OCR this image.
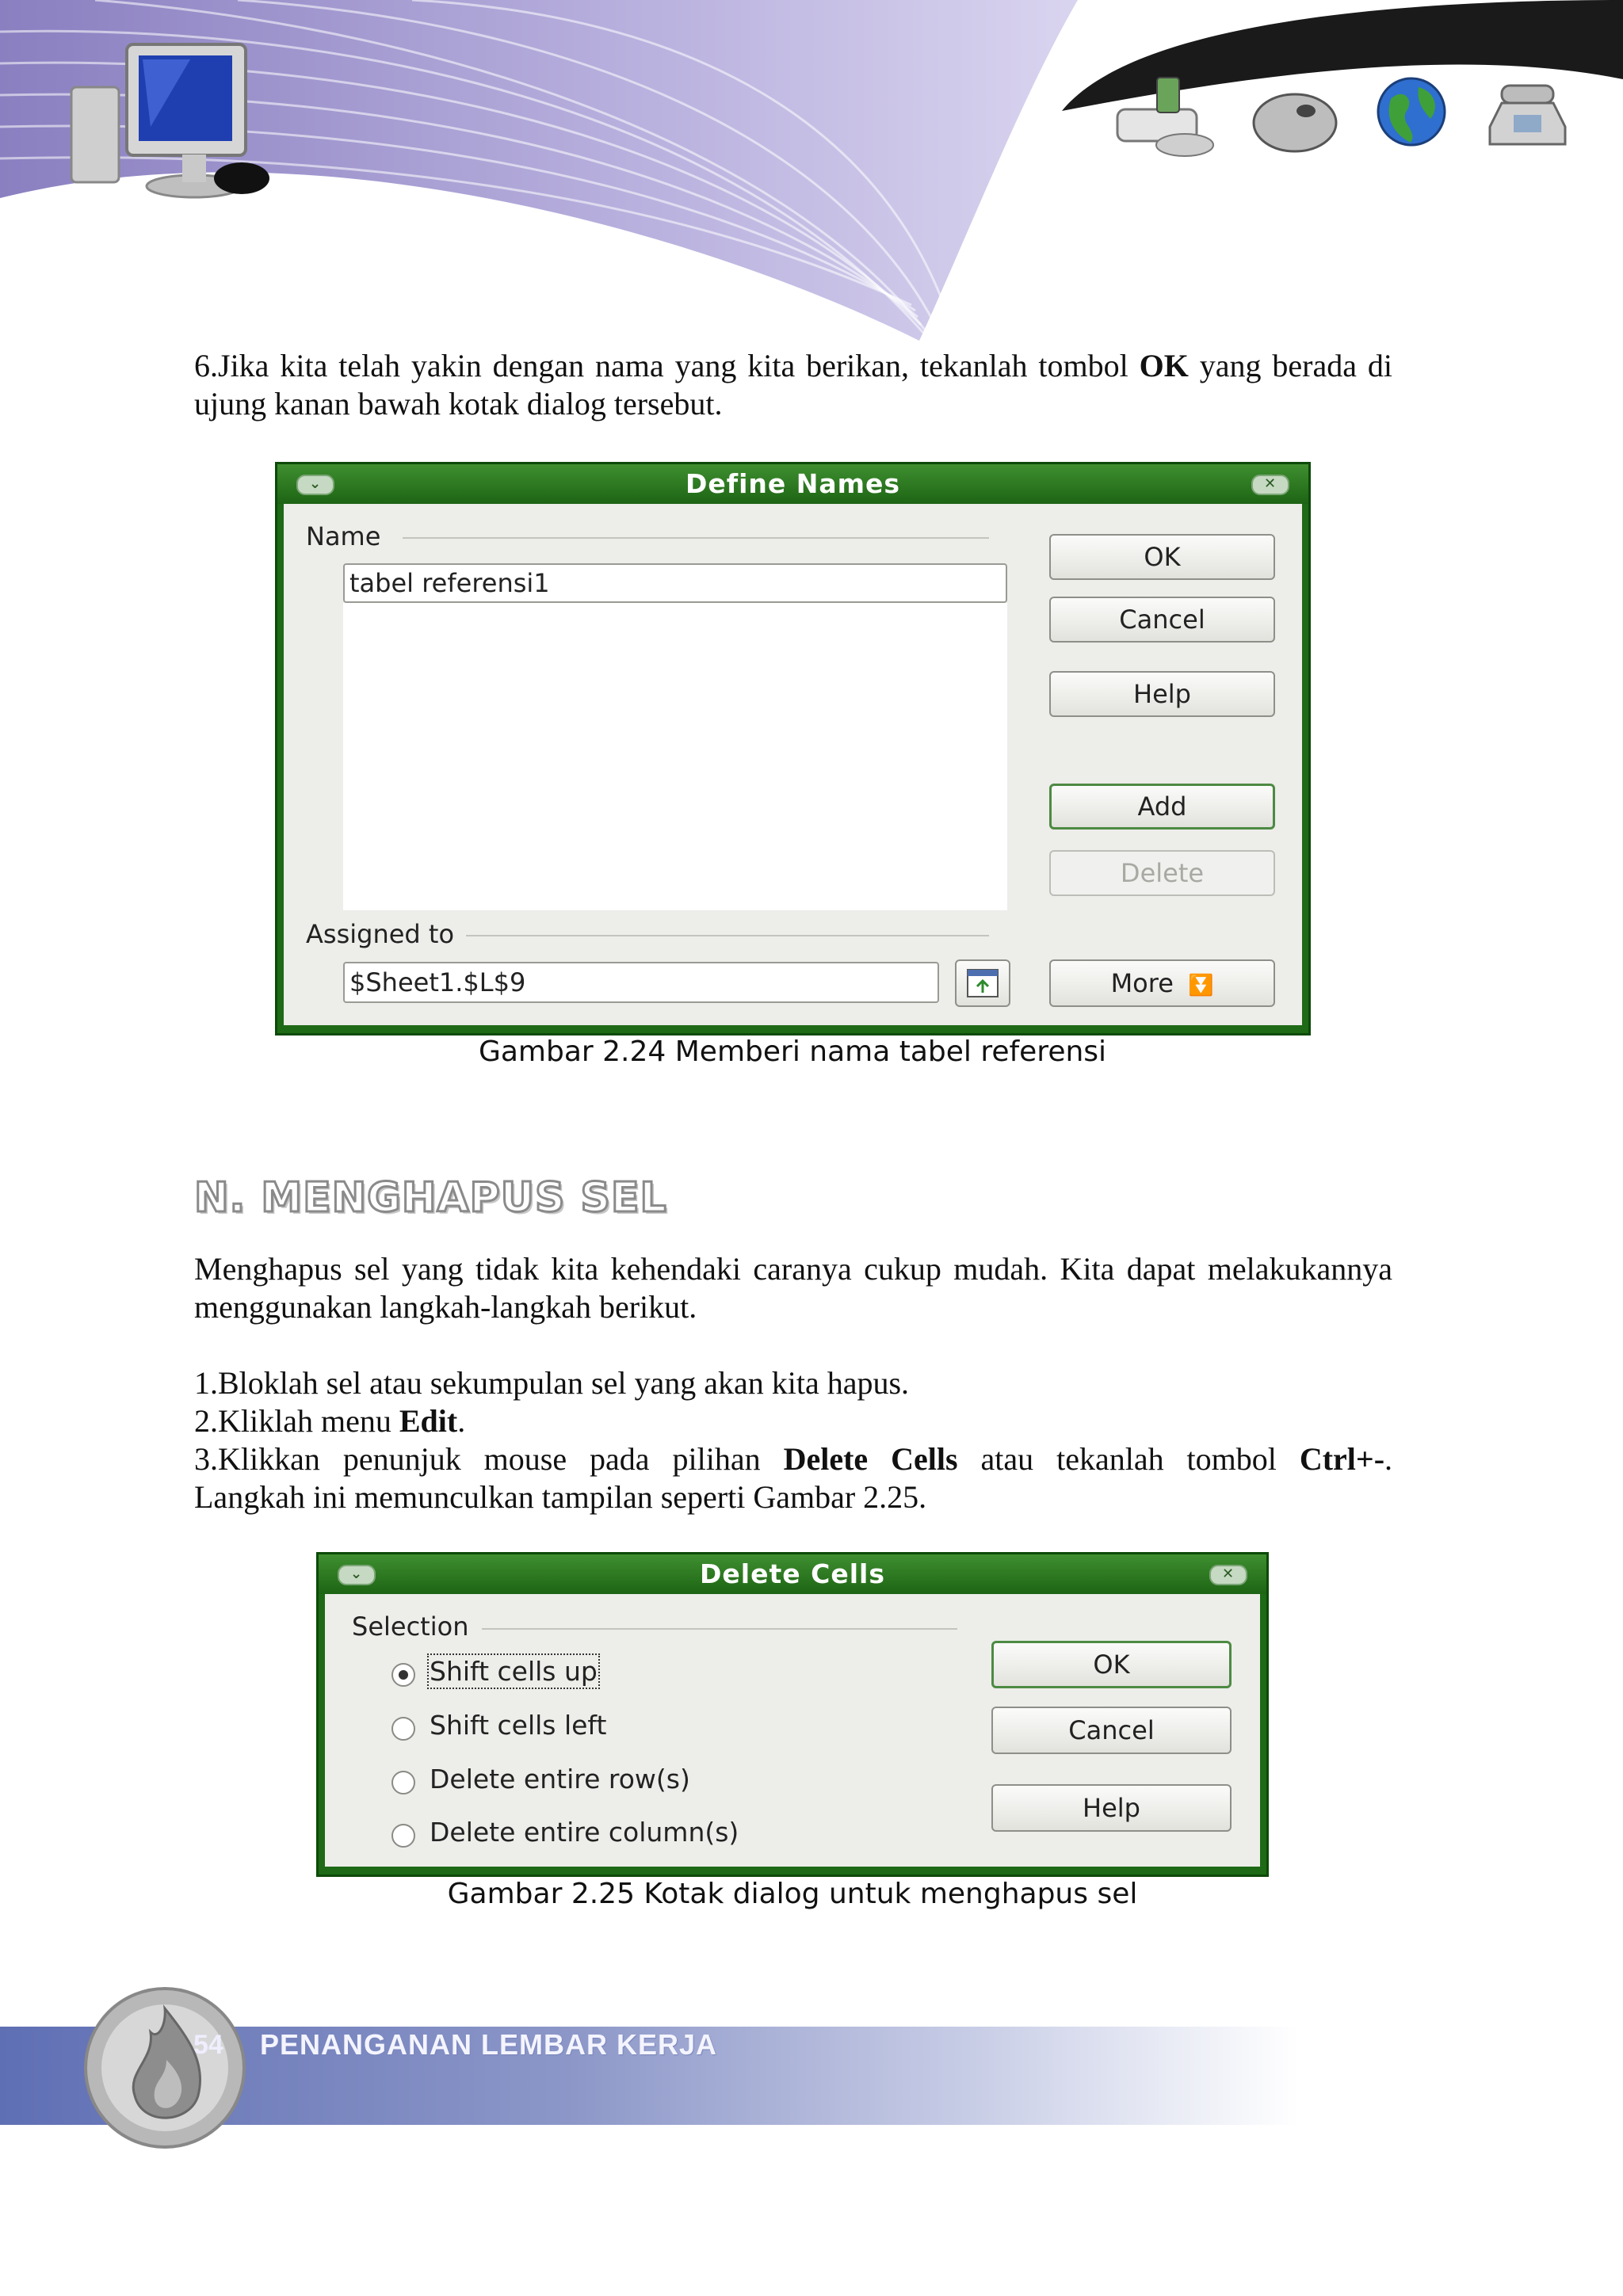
6.Jika kita telah yakin dengan nama yang kita berikan, tekanlah tombol OK yang berada di
ujung kanan bawah kotak dialog tersebut.
⌄	Define Names	✕
Name
tabel referensi1
Assigned to
$Sheet1.$L$9
OK
Cancel
Help
Add
Delete
More ⏬
Gambar 2.24 Memberi nama tabel referensi
N. MENGHAPUS SEL
Menghapus sel yang tidak kita kehendaki caranya cukup mudah. Kita dapat melakukannya
menggunakan langkah-langkah berikut.
1.Bloklah sel atau sekumpulan sel yang akan kita hapus.
2.Kliklah menu Edit.
3.Klikkan penunjuk mouse pada pilihan Delete Cells atau tekanlah tombol Ctrl+-.
Langkah ini memunculkan tampilan seperti Gambar 2.25.
⌄	Delete Cells	✕
Selection
Shift cells up
Shift cells left
Delete entire row(s)
Delete entire column(s)
OK
Cancel
Help
Gambar 2.25 Kotak dialog untuk menghapus sel
54 PENANGANAN LEMBAR KERJA
